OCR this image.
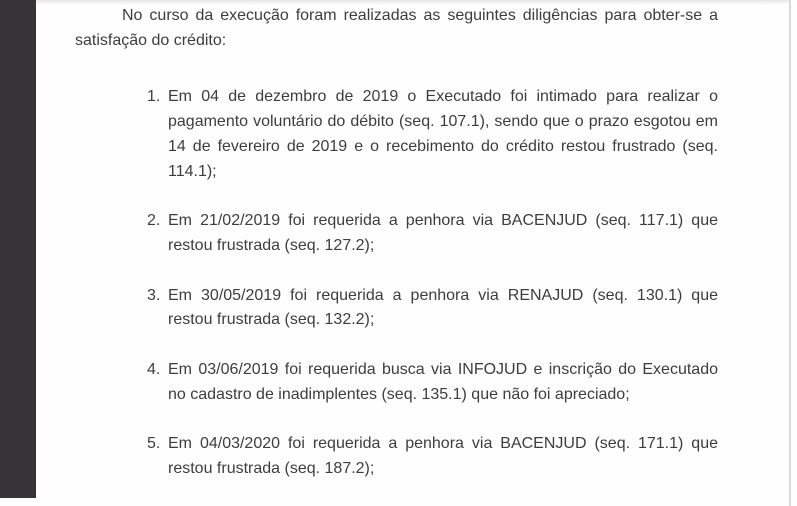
No curso da execução foram realizadas as seguintes diligências para obter-se a satisfação do crédito:

1. Em 04 de dezembro de 2019 o Executado foi intimado para realizar o pagamento voluntário do débito (seq. 107.1), sendo que o prazo esgotou em 14 de fevereiro de 2019 e o recebimento do crédito restou frustrado (seq. 114.1);
2. Em 21/02/2019 foi requerida a penhora via BACENJUD (seq. 117.1) que restou frustrada (seq. 127.2);
3. Em 30/05/2019 foi requerida a penhora via RENAJUD (seq. 130.1) que restou frustrada (seq. 132.2);
4. Em 03/06/2019 foi requerida busca via INFOJUD e inscrição do Executado no cadastro de inadimplentes (seq. 135.1) que não foi apreciado;
5. Em 04/03/2020 foi requerida a penhora via BACENJUD (seq. 171.1) que restou frustrada (seq. 187.2);
